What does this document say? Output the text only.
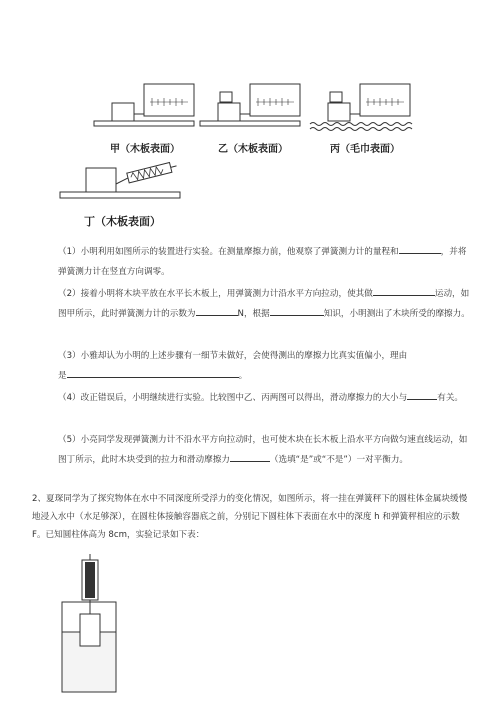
甲（木板表面）	乙（木板表面）	丙（毛巾表面）
丁（木板表面）
（1）小明利用如图所示的装置进行实验。在测量摩擦力前，他观察了弹簧测力计的量程和	，并将弹簧测力计在竖直方向调零。
（2）接着小明将木块平放在水平长木板上，用弹簧测力计沿水平方向拉动，使其做	运动，如图甲所示，此时弹簧测力计的示数为	N，根据	知识，小明测出了木块所受的摩擦力。
（3）小雅却认为小明的上述步骤有一细节未做好，会使得测出的摩擦力比真实值偏小，理由
是	。
（4）改正错误后，小明继续进行实验。比较图中乙、丙两图可以得出，滑动摩擦力的大小与	有关。
（5）小亮同学发现弹簧测力计不沿水平方向拉动时，也可使木块在长木板上沿水平方向做匀速直线运动，如图丁所示，此时木块受到的拉力和滑动摩擦力	（选填“是”或“不是”）一对平衡力。
2、夏琛同学为了探究物体在水中不同深度所受浮力的变化情况，如图所示，将一挂在弹簧秤下的圆柱体金属块缓慢地浸入水中（水足够深），在圆柱体接触容器底之前，分别记下圆柱体下表面在水中的深度 h 和弹簧秤相应的示数 F。已知圆柱体高为 8cm，实验记录如下表：
